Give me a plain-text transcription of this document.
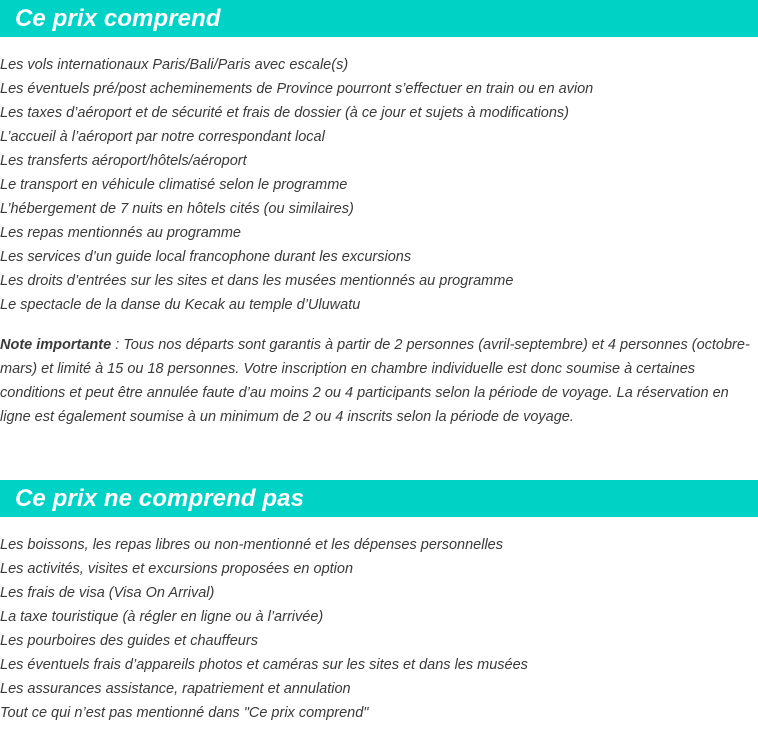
Ce prix comprend
Les vols internationaux Paris/Bali/Paris avec escale(s)
Les éventuels pré/post acheminements de Province pourront s’effectuer en train ou en avion
Les taxes d’aéroport et de sécurité et frais de dossier (à ce jour et sujets à modifications)
L’accueil à l’aéroport par notre correspondant local
Les transferts aéroport/hôtels/aéroport
Le transport en véhicule climatisé selon le programme
L’hébergement de 7 nuits en hôtels cités (ou similaires)
Les repas mentionnés au programme
Les services d’un guide local francophone durant les excursions
Les droits d’entrées sur les sites et dans les musées mentionnés au programme
Le spectacle de la danse du Kecak au temple d’Uluwatu

Note importante : Tous nos départs sont garantis à partir de 2 personnes (avril-septembre) et 4 personnes (octobre-mars) et limité à 15 ou 18 personnes. Votre inscription en chambre individuelle est donc soumise à certaines conditions et peut être annulée faute d’au moins 2 ou 4 participants selon la période de voyage. La réservation en ligne est également soumise à un minimum de 2 ou 4 inscrits selon la période de voyage.

Ce prix ne comprend pas
Les boissons, les repas libres ou non-mentionné et les dépenses personnelles
Les activités, visites et excursions proposées en option
Les frais de visa (Visa On Arrival)
La taxe touristique (à régler en ligne ou à l’arrivée)
Les pourboires des guides et chauffeurs
Les éventuels frais d’appareils photos et caméras sur les sites et dans les musées
Les assurances assistance, rapatriement et annulation
Tout ce qui n’est pas mentionné dans "Ce prix comprend"
